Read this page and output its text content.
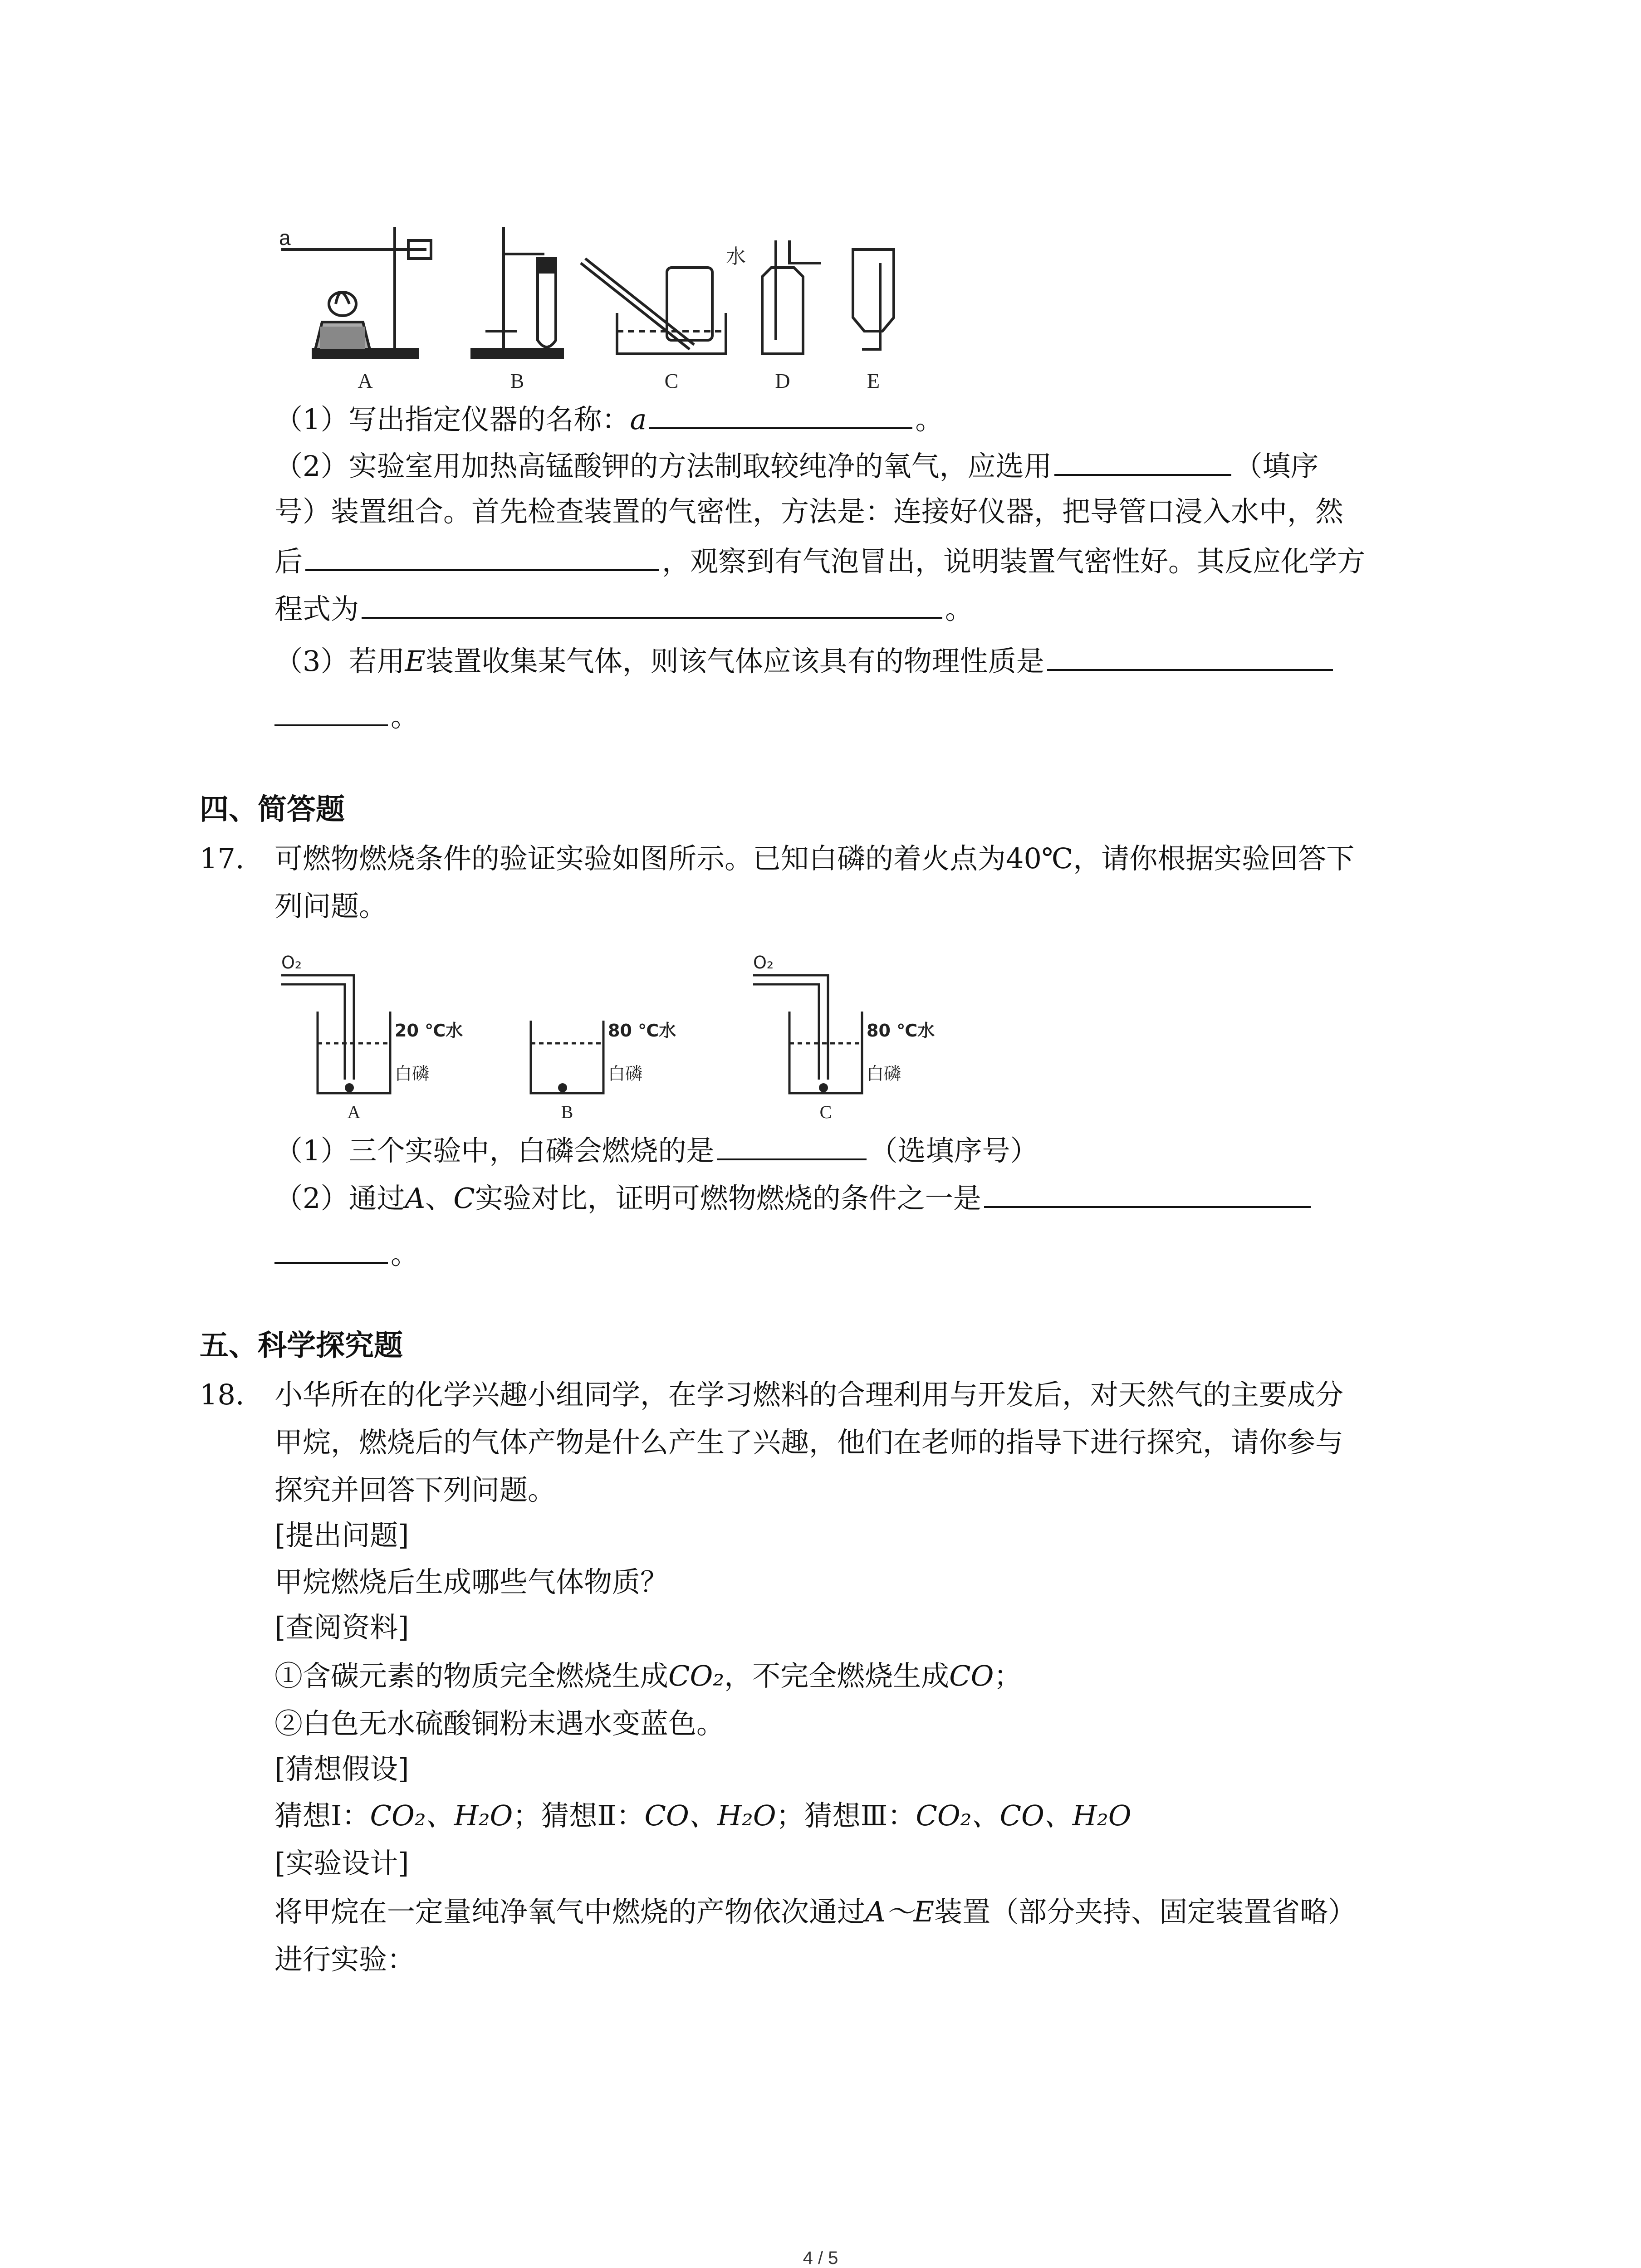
a
水
A	B	C	D	E
（1）写出指定仪器的名称：a	。
（2）实验室用加热高锰酸钾的方法制取较纯净的氧气，应选用	（填序
号）装置组合。首先检查装置的气密性，方法是：连接好仪器，把导管口浸入水中，然
后	，观察到有气泡冒出，说明装置气密性好。其反应化学方
程式为	。
（3）若用E装置收集某气体，则该气体应该具有的物理性质是
。
四、简答题
17. 可燃物燃烧条件的验证实验如图所示。已知白磷的着火点为40℃，请你根据实验回答下
列问题。
O₂	O₂
20 ℃水
白磷
80 ℃水
白磷
80 ℃水
白磷
A	B	C
（1）三个实验中，白磷会燃烧的是	（选填序号）
（2）通过A、C实验对比，证明可燃物燃烧的条件之一是
。
五、科学探究题
18. 小华所在的化学兴趣小组同学，在学习燃料的合理利用与开发后，对天然气的主要成分
甲烷，燃烧后的气体产物是什么产生了兴趣，他们在老师的指导下进行探究，请你参与
探究并回答下列问题。
[提出问题]
甲烷燃烧后生成哪些气体物质？
[查阅资料]
①含碳元素的物质完全燃烧生成CO₂，不完全燃烧生成CO；
②白色无水硫酸铜粉末遇水变蓝色。
[猜想假设]
猜想Ⅰ：CO₂、H₂O；猜想Ⅱ：CO、H₂O；猜想Ⅲ：CO₂、CO、H₂O
[实验设计]
将甲烷在一定量纯净氧气中燃烧的产物依次通过A～E装置（部分夹持、固定装置省略）
进行实验：
4 / 5
